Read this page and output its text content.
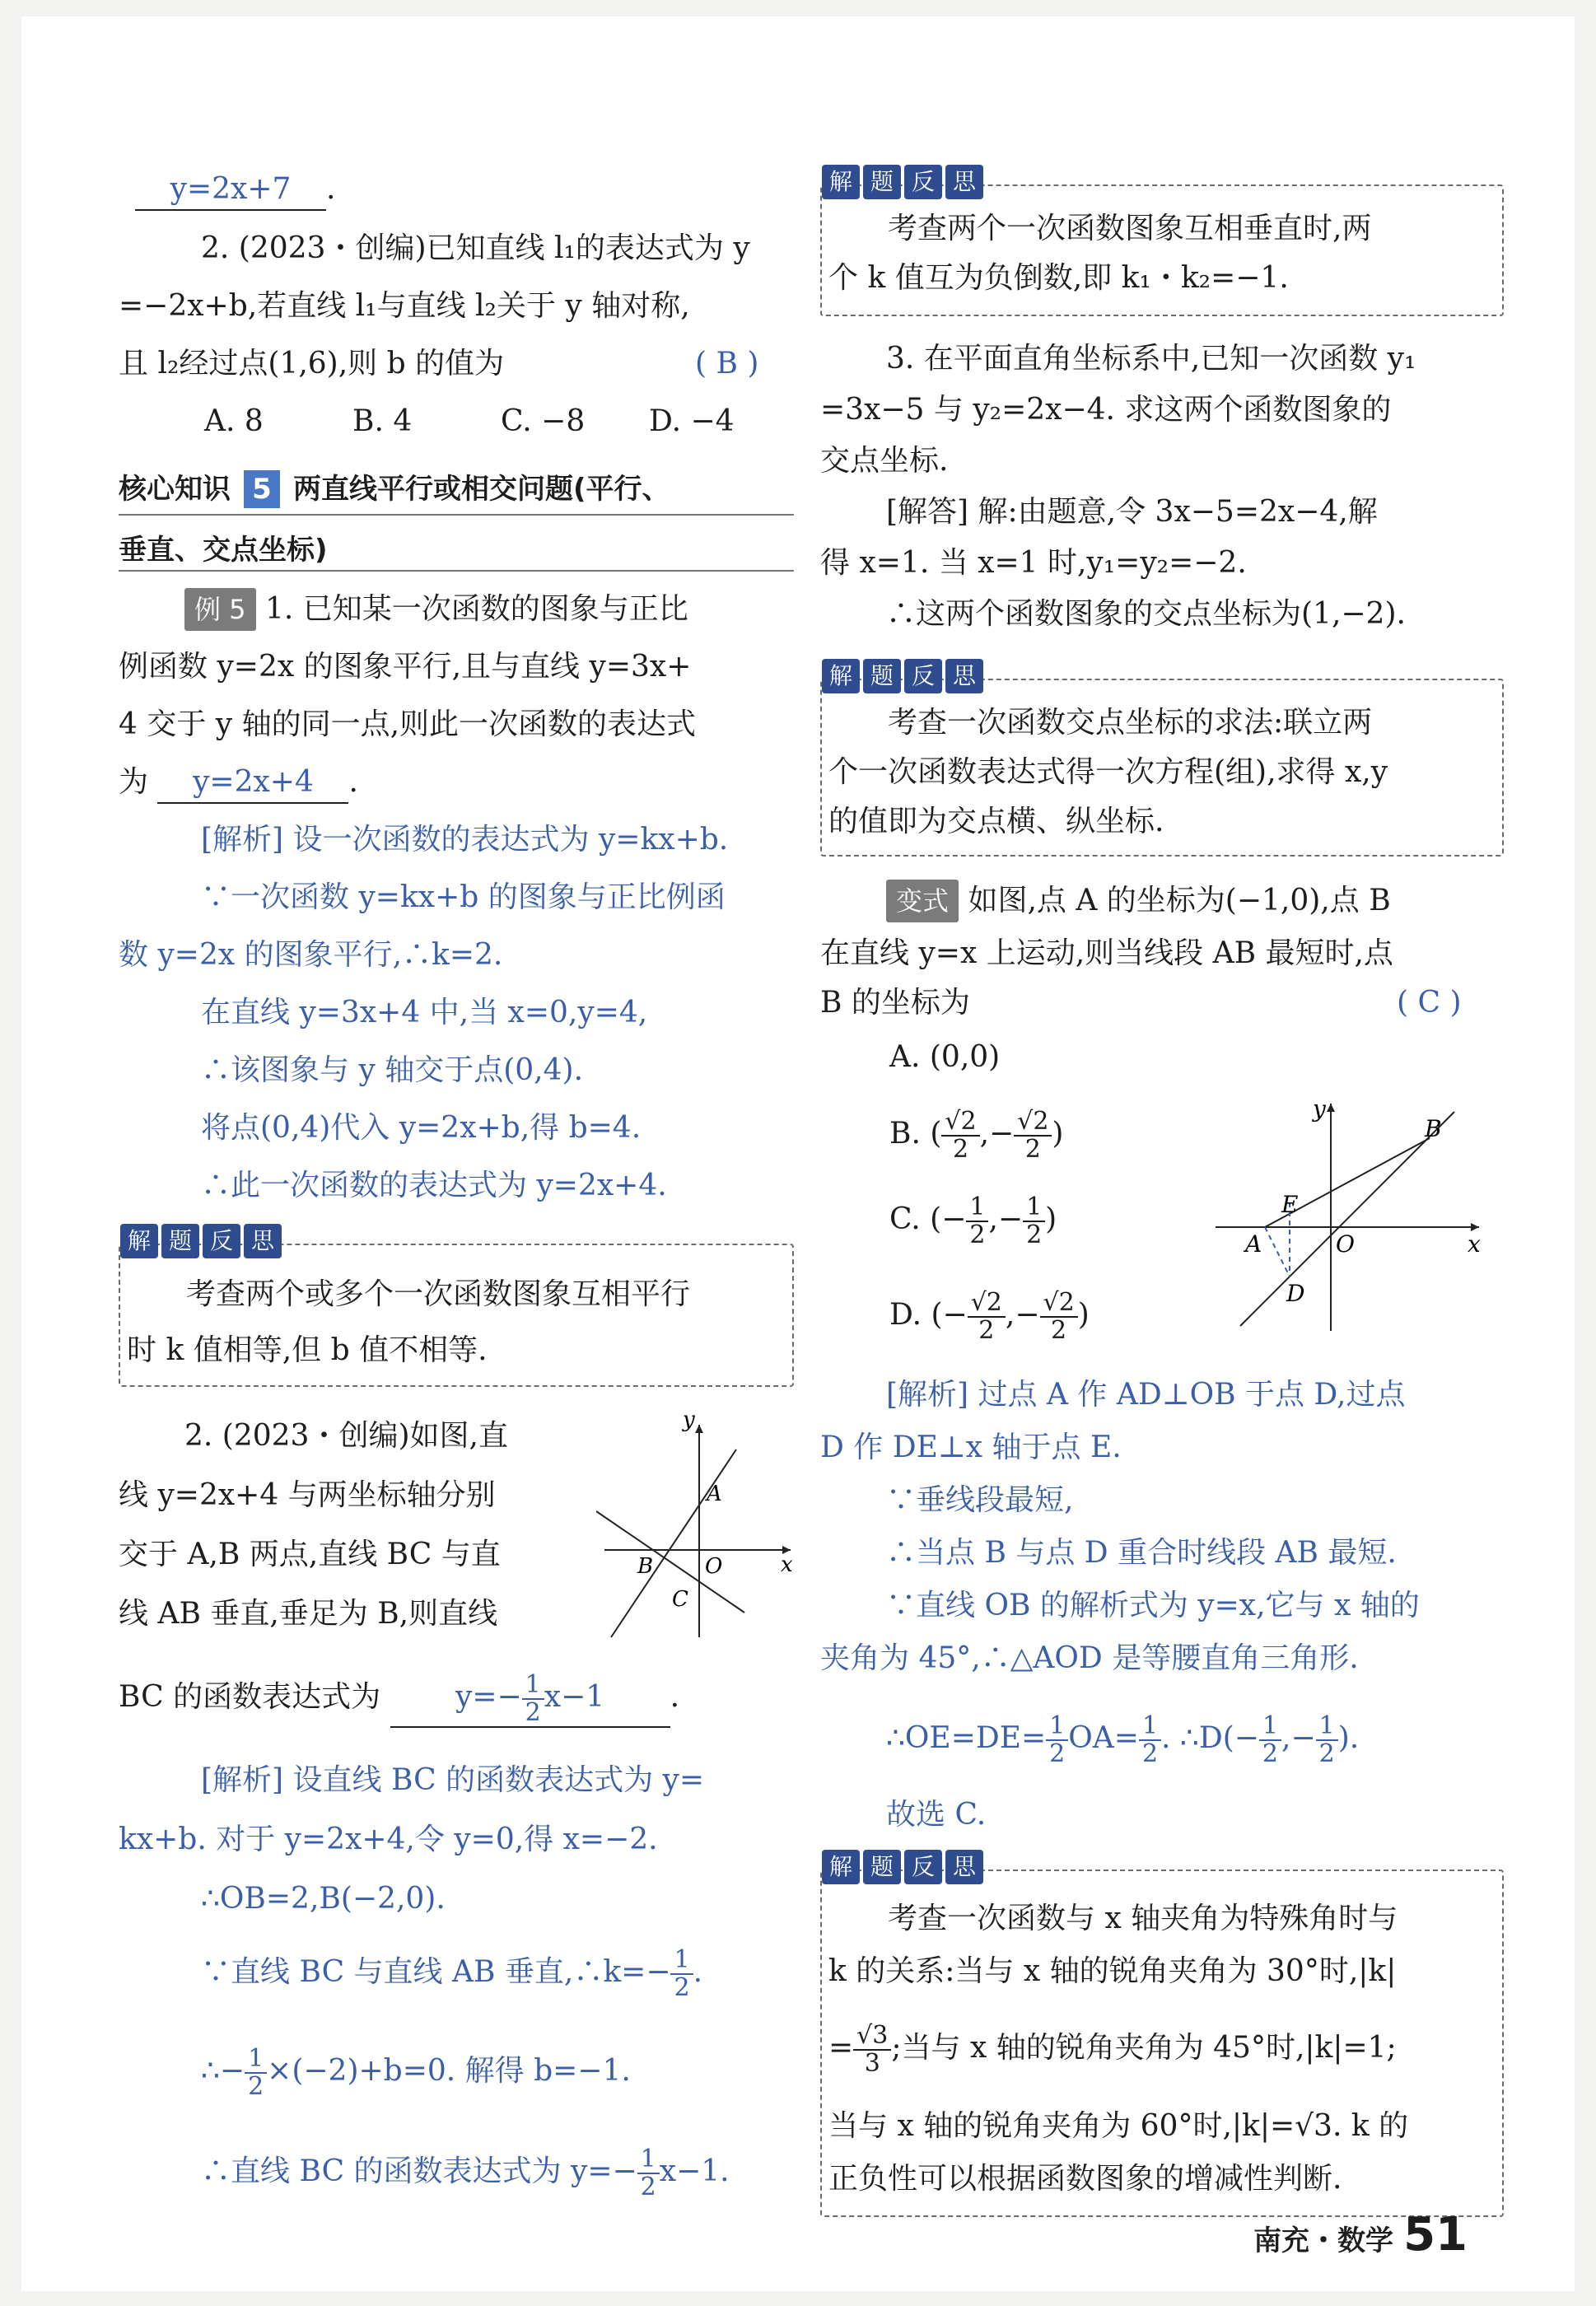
y=2x+7 .
2. (2023・创编)已知直线 l₁的表达式为 y
=−2x+b,若直线 l₁与直线 l₂关于 y 轴对称,
且 l₂经过点(1,6),则 b 的值为	( B )
A. 8	B. 4	C. −8 D. −4
核心知识 5 两直线平行或相交问题(平行、
垂直、交点坐标)
例 5 1. 已知某一次函数的图象与正比
例函数 y=2x 的图象平行,且与直线 y=3x+
4 交于 y 轴的同一点,则此一次函数的表达式
为 y=2x+4 .
[解析] 设一次函数的表达式为 y=kx+b.
∵一次函数 y=kx+b 的图象与正比例函
数 y=2x 的图象平行,∴k=2.
在直线 y=3x+4 中,当 x=0,y=4,
∴该图象与 y 轴交于点(0,4).
将点(0,4)代入 y=2x+b,得 b=4.
∴此一次函数的表达式为 y=2x+4.
解 题 反 思
考查两个或多个一次函数图象互相平行
时 k 值相等,但 b 值不相等.
2. (2023・创编)如图,直
线 y=2x+4 与两坐标轴分别
交于 A,B 两点,直线 BC 与直
线 AB 垂直,垂足为 B,则直线
y
x
A
B O
C
BC 的函数表达式为	$y=- \frac{1}{2} x-1$ .
[解析] 设直线 BC 的函数表达式为 y=
kx+b. 对于 y=2x+4,令 y=0,得 x=−2.
∴OB=2,B(−2,0).
∵直线 BC 与直线 AB 垂直,∴k=− $\frac{1}{2}$ .
∴− $\frac{1}{2} \times(-2)+b=0$. 解得 b=−1.
∴直线 BC 的函数表达式为 $y=- \frac{1}{2} x-1$.
解 题 反 思
考查两个一次函数图象互相垂直时,两
个 k 值互为负倒数,即 k₁・k₂=−1.
3. 在平面直角坐标系中,已知一次函数 y₁
=3x−5 与 y₂=2x−4. 求这两个函数图象的
交点坐标.
[解答] 解:由题意,令 3x−5=2x−4,解
得 x=1. 当 x=1 时,y₁=y₂=−2.
∴这两个函数图象的交点坐标为(1,−2).
解 题 反 思
考查一次函数交点坐标的求法:联立两
个一次函数表达式得一次方程(组),求得 x,y
的值即为交点横、纵坐标.
变式 如图,点 A 的坐标为(−1,0),点 B
在直线 y=x 上运动,则当线段 AB 最短时,点
B 的坐标为	( C )
A. (0,0)
B. ( $\frac{√2}{2}$ ,− $\frac{√2}{2}$ )
C. (− $\frac{1}{2}$ ,− $\frac{1}{2}$ )
D. (− $\frac{√2}{2}$ ,− $\frac{√2}{2}$ )
y
x
B
E
A	O
D
[解析] 过点 A 作 AD⊥OB 于点 D,过点
D 作 DE⊥x 轴于点 E.
∵垂线段最短,
∴当点 B 与点 D 重合时线段 AB 最短.
∵直线 OB 的解析式为 y=x,它与 x 轴的
夹角为 45°,∴△AOD 是等腰直角三角形.
∴OE=DE= $\frac{1}{2} OA= \frac{1}{2}$ . ∴D(− $\frac{1}{2}$ ,− $\frac{1}{2}$ ).
故选 C.
解 题 反 思
考查一次函数与 x 轴夹角为特殊角时与
k 的关系:当与 x 轴的锐角夹角为 30°时,|k|
= $\frac{√3}{3}$ ;当与 x 轴的锐角夹角为 45°时,|k|=1;
当与 x 轴的锐角夹角为 60°时,|k|=√3. k 的
正负性可以根据函数图象的增减性判断.
南充・数学 51
